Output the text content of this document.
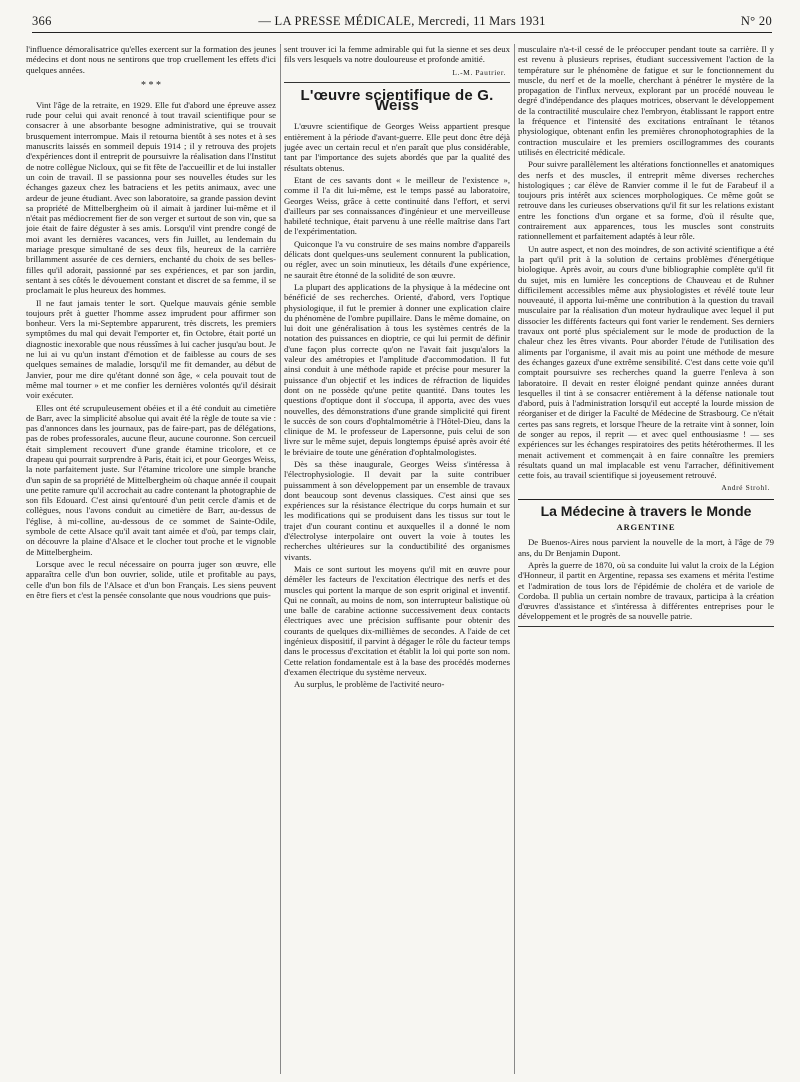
366	— LA PRESSE MÉDICALE, Mercredi, 11 Mars 1931	N° 20

l'influence démoralisatrice qu'elles exercent sur la formation des jeunes médecins et dont nous ne sentirons que trop cruellement les effets d'ici quelques années.

* * *

Vint l'âge de la retraite, en 1929. Elle fut d'abord une épreuve assez rude pour celui qui avait renoncé à tout travail scientifique pour se consacrer à une absorbante besogne administrative, qui se trouvait brusquement interrompue. Mais il retourna bientôt à ses notes et à ses manuscrits laissés en sommeil depuis 1914 ; il y retrouva des projets d'expériences dont il entreprit de poursuivre la réalisation dans l'Institut de notre collègue Nicloux, qui se fit fête de l'accueillir et de lui installer un coin de travail. Il se passionna pour ses nouvelles études sur les échanges gazeux chez les batraciens et les petits animaux, avec une ardeur de jeune étudiant. Avec son laboratoire, sa grande passion devint sa propriété de Mittelbergheim où il aimait à jardiner lui-même et il n'était pas médiocrement fier de son verger et surtout de son vin, que sa joie était de faire déguster à ses amis. Lorsqu'il vint prendre congé de moi avant les dernières vacances, vers fin Juillet, au lendemain du mariage presque simultané de ses deux fils, heureux de la carrière brillamment assurée de ces derniers, enchanté du choix de ses belles-filles qu'il adorait, passionné par ses expériences, et par son jardin, sentant à ses côtés le dévouement constant et discret de sa femme, il se proclamait le plus heureux des hommes.

Il ne faut jamais tenter le sort. Quelque mauvais génie semble toujours prêt à guetter l'homme assez imprudent pour affirmer son bonheur. Vers la mi-Septembre apparurent, très discrets, les premiers symptômes du mal qui devait l'emporter et, fin Octobre, était porté un diagnostic inexorable que nous réussîmes à lui cacher jusqu'au bout. Je ne lui ai vu qu'un instant d'émotion et de faiblesse au cours de ses quelques semaines de maladie, lorsqu'il me fit demander, au début de Janvier, pour me dire qu'étant donné son âge, « cela pouvait tout de même mal tourner » et me confier les dernières volontés qu'il désirait voir exécuter.

Elles ont été scrupuleusement obéies et il a été conduit au cimetière de Barr, avec la simplicité absolue qui avait été la règle de toute sa vie : pas d'annonces dans les journaux, pas de faire-part, pas de délégations, pas de robes professorales, aucune fleur, aucune couronne. Son cercueil était simplement recouvert d'une grande étamine tricolore, et ce drapeau qui pourrait surprendre à Paris, était ici, et pour Georges Weiss, la note parfaitement juste. Sur l'étamine tricolore une simple branche d'un sapin de sa propriété de Mittelbergheim où chaque année il coupait une petite ramure qu'il accrochait au cadre contenant la photographie de son fils Edouard. C'est ainsi qu'entouré d'un petit cercle d'amis et de collègues, nous l'avons conduit au cimetière de Barr, au-dessus de l'église, à mi-colline, au-dessous de ce sommet de Sainte-Odile, symbole de cette Alsace qu'il avait tant aimée et d'où, par temps clair, on découvre la plaine d'Alsace et le clocher tout proche et le vignoble de Mittelbergheim.

Lorsque avec le recul nécessaire on pourra juger son œuvre, elle apparaîtra celle d'un bon ouvrier, solide, utile et profitable au pays, celle d'un bon fils de l'Alsace et d'un bon Français. Les siens peuvent en être fiers et c'est la pensée consolante que nous voudrions que puis-

sent trouver ici la femme admirable qui fut la sienne et ses deux fils vers lesquels va notre douloureuse et profonde amitié.

L.-M. Pautrier.
L'œuvre scientifique de G. Weiss

L'œuvre scientifique de Georges Weiss appartient presque entièrement à la période d'avant-guerre. Elle peut donc être déjà jugée avec un certain recul et n'en paraît que plus considérable, tant par l'importance des sujets abordés que par la qualité des résultats obtenus.

Etant de ces savants dont « le meilleur de l'existence », comme il l'a dit lui-même, est le temps passé au laboratoire, Georges Weiss, grâce à cette continuité dans l'effort, et servi d'ailleurs par ses connaissances d'ingénieur et une merveilleuse habileté technique, était parvenu à une réelle maîtrise dans l'art de l'expérimentation.

Quiconque l'a vu construire de ses mains nombre d'appareils délicats dont quelques-uns seulement connurent la publication, ou régler, avec un soin minutieux, les détails d'une expérience, ne saurait être étonné de la solidité de son œuvre.

La plupart des applications de la physique à la médecine ont bénéficié de ses recherches. Orienté, d'abord, vers l'optique physiologique, il fut le premier à donner une explication claire du phénomène de l'ombre pupillaire. Dans le même domaine, on lui doit une généralisation à tous les systèmes centrés de la notation des puissances en dioptrie, ce qui lui permit de définir d'une façon plus correcte qu'on ne l'avait fait jusqu'alors la valeur des amétropies et l'amplitude d'accommodation. Il fut ainsi conduit à une méthode rapide et précise pour mesurer la puissance d'un objectif et les indices de réfraction de liquides dont on ne possède qu'une petite quantité. Dans toutes les questions d'optique dont il s'occupa, il apporta, avec des vues nouvelles, des démonstrations d'une grande simplicité qui firent le succès de son cours d'ophtalmométrie à l'Hôtel-Dieu, dans la clinique de M. le professeur de Lapersonne, puis celui de son livre sur le même sujet, depuis longtemps épuisé après avoir été le bréviaire de toute une génération d'ophtalmologistes.

Dès sa thèse inaugurale, Georges Weiss s'intéressa à l'électrophysiologie. Il devait par la suite contribuer puissamment à son développement par un ensemble de travaux dont beaucoup sont devenus classiques. C'est ainsi que ses expériences sur la résistance électrique du corps humain et sur les modifications qui se produisent dans les tissus sur tout le trajet d'un courant continu et auxquelles il a donné le nom d'électrolyse interpolaire ont ouvert la voie à toutes les recherches ultérieures sur la conductibilité des organismes vivants.

Mais ce sont surtout les moyens qu'il mit en œuvre pour démêler les facteurs de l'excitation électrique des nerfs et des muscles qui portent la marque de son esprit original et inventif. Qui ne connaît, au moins de nom, son interrupteur balistique où une balle de carabine actionne successivement deux contacts électriques avec une précision suffisante pour obtenir des courants de quelques dix-millièmes de secondes. A l'aide de cet ingénieux dispositif, il parvint à dégager le rôle du facteur temps dans le processus d'excitation et établit la loi qui porte son nom. Cette relation fondamentale est à la base des procédés modernes d'examen électrique du système nerveux.

Au surplus, le problème de l'activité neuro-

musculaire n'a-t-il cessé de le préoccuper pendant toute sa carrière. Il y est revenu à plusieurs reprises, étudiant successivement l'action de la température sur le phénomène de fatigue et sur le fonctionnement du muscle, du nerf et de la moelle, cherchant à pénétrer le mystère de la propagation de l'influx nerveux, explorant par un procédé nouveau le degré d'indépendance des plaques motrices, observant le développement de la contractilité musculaire chez l'embryon, établissant le rapport entre la fréquence et l'intensité des excitations entraînant le tétanos physiologique, obtenant enfin les premières chronophotographies de la contraction musculaire et les premiers oscillogrammes des courants utilisés en électricité médicale.

Pour suivre parallèlement les altérations fonctionnelles et anatomiques des nerfs et des muscles, il entreprit même diverses recherches histologiques ; car élève de Ranvier comme il le fut de Farabeuf il a toujours pris intérêt aux sciences morphologiques. Ce même goût se retrouve dans les curieuses observations qu'il fit sur les relations existant entre les fonctions d'un organe et sa forme, d'où il résulte que, contrairement aux apparences, tous les muscles sont construits rationnellement et parfaitement adaptés à leur rôle.

Un autre aspect, et non des moindres, de son activité scientifique a été la part qu'il prit à la solution de certains problèmes d'énergétique biologique. Après avoir, au cours d'une bibliographie complète qu'il fit du sujet, mis en lumière les conceptions de Chauveau et de Ruhner difficilement accessibles même aux physiologistes et révélé toute leur nouveauté, il apporta lui-même une contribution à la question du travail musculaire par la réalisation d'un moteur hydraulique avec lequel il put dissocier les différents facteurs qui font varier le rendement. Ses derniers travaux ont porté plus spécialement sur le mode de production de la chaleur chez les êtres vivants. Pour aborder l'étude de l'utilisation des aliments par l'organisme, il avait mis au point une méthode de mesure des échanges gazeux d'une extrême sensibilité. C'est dans cette voie qu'il comptait poursuivre ses recherches quand la guerre l'enleva à son laboratoire. Il devait en rester éloigné pendant quinze années durant lesquelles il tint à se consacrer entièrement à la défense nationale tout d'abord, puis à l'administration lorsqu'il eut accepté la lourde mission de réorganiser et de diriger la Faculté de Médecine de Strasbourg. Ce n'était certes pas sans regrets, et lorsque l'heure de la retraite vint à sonner, loin de songer au repos, il reprit — et avec quel enthousiasme ! — ses expériences sur les échanges respiratoires des petits hétérothermes. Il les menait activement et commençait à en faire connaître les premiers résultats quand un mal implacable est venu l'arracher, définitivement cette fois, au travail scientifique si joyeusement retrouvé.

André Strohl.
La Médecine à travers le Monde
ARGENTINE

De Buenos-Aires nous parvient la nouvelle de la mort, à l'âge de 79 ans, du Dr Benjamin Dupont.

Après la guerre de 1870, où sa conduite lui valut la croix de la Légion d'Honneur, il partit en Argentine, repassa ses examens et mérita l'estime et l'admiration de tous lors de l'épidémie de choléra et de variole de Cordoba. Il publia un certain nombre de travaux, participa à la création d'œuvres d'assistance et s'intéressa à différentes entreprises pour le développement et le progrès de sa nouvelle patrie.
